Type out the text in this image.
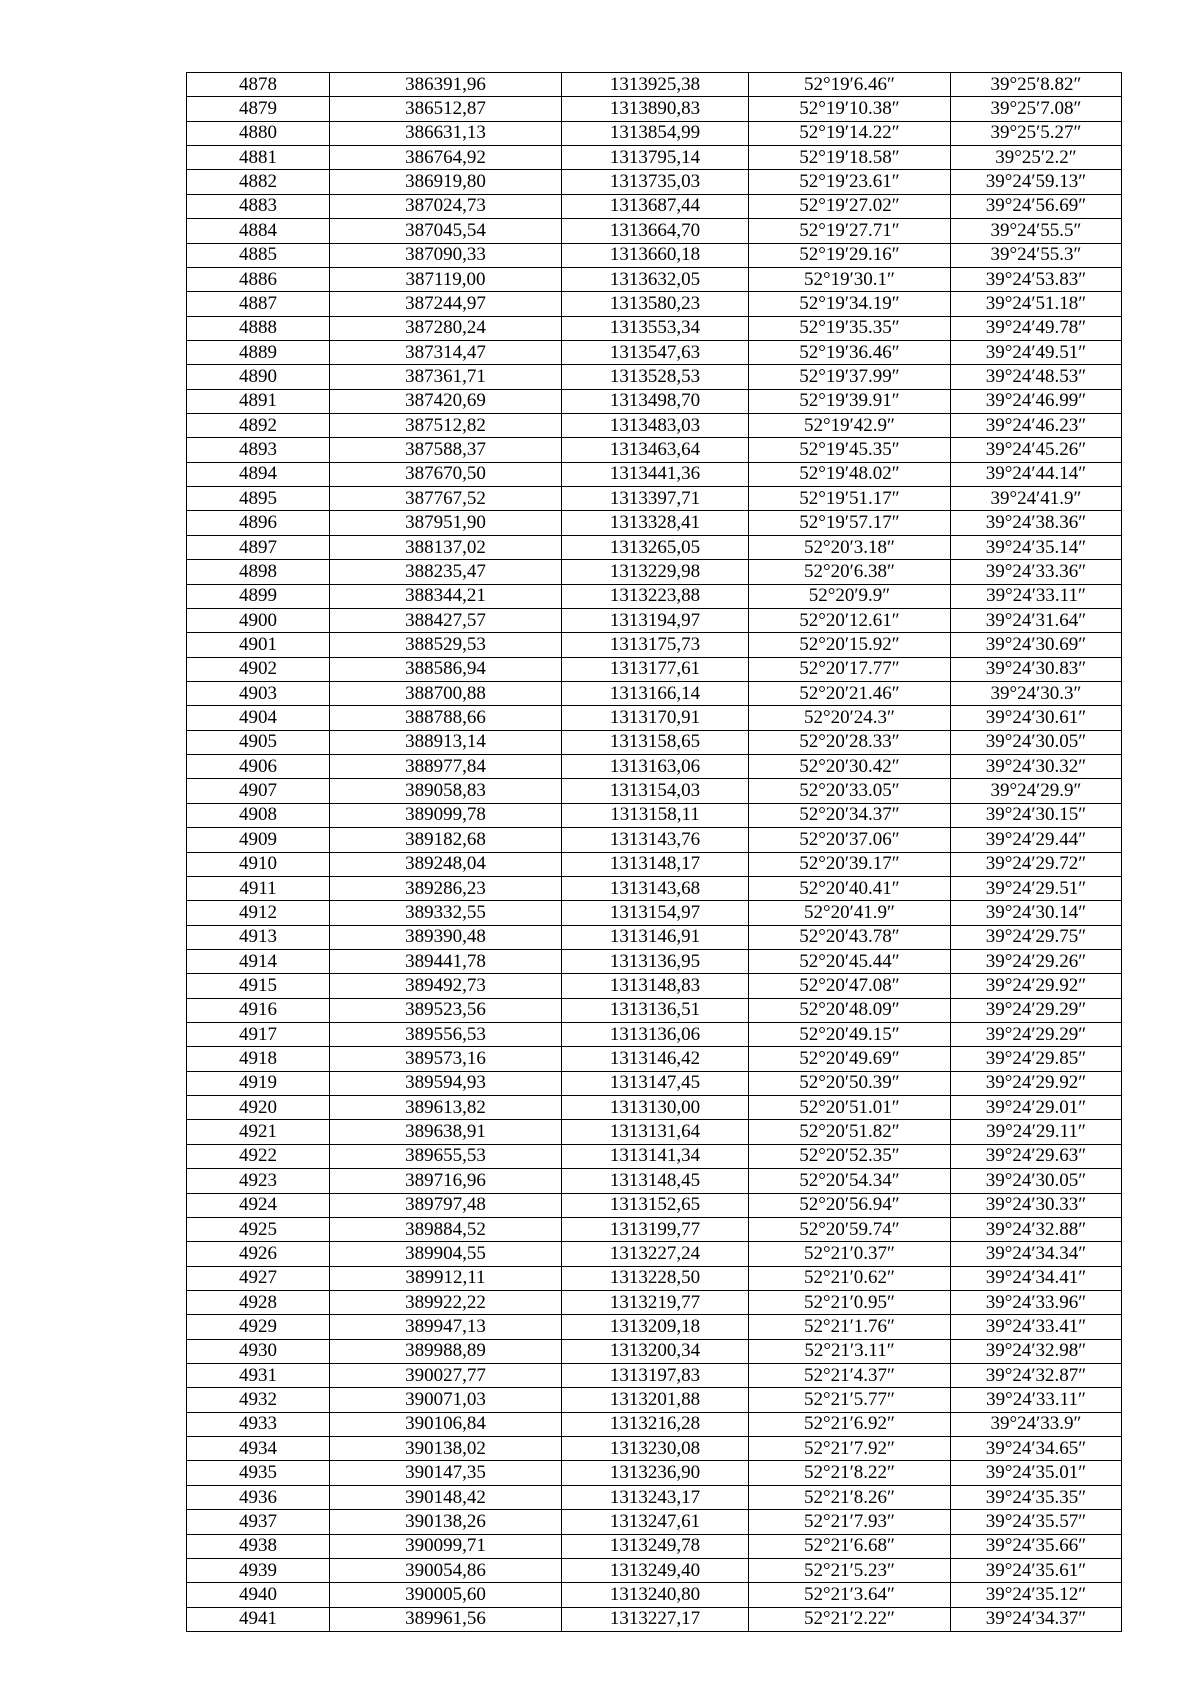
4878	386391,96	1313925,38	52°19′6.46″	39°25′8.82″
4879	386512,87	1313890,83	52°19′10.38″	39°25′7.08″
4880	386631,13	1313854,99	52°19′14.22″	39°25′5.27″
4881	386764,92	1313795,14	52°19′18.58″	39°25′2.2″
4882	386919,80	1313735,03	52°19′23.61″	39°24′59.13″
4883	387024,73	1313687,44	52°19′27.02″	39°24′56.69″
4884	387045,54	1313664,70	52°19′27.71″	39°24′55.5″
4885	387090,33	1313660,18	52°19′29.16″	39°24′55.3″
4886	387119,00	1313632,05	52°19′30.1″	39°24′53.83″
4887	387244,97	1313580,23	52°19′34.19″	39°24′51.18″
4888	387280,24	1313553,34	52°19′35.35″	39°24′49.78″
4889	387314,47	1313547,63	52°19′36.46″	39°24′49.51″
4890	387361,71	1313528,53	52°19′37.99″	39°24′48.53″
4891	387420,69	1313498,70	52°19′39.91″	39°24′46.99″
4892	387512,82	1313483,03	52°19′42.9″	39°24′46.23″
4893	387588,37	1313463,64	52°19′45.35″	39°24′45.26″
4894	387670,50	1313441,36	52°19′48.02″	39°24′44.14″
4895	387767,52	1313397,71	52°19′51.17″	39°24′41.9″
4896	387951,90	1313328,41	52°19′57.17″	39°24′38.36″
4897	388137,02	1313265,05	52°20′3.18″	39°24′35.14″
4898	388235,47	1313229,98	52°20′6.38″	39°24′33.36″
4899	388344,21	1313223,88	52°20′9.9″	39°24′33.11″
4900	388427,57	1313194,97	52°20′12.61″	39°24′31.64″
4901	388529,53	1313175,73	52°20′15.92″	39°24′30.69″
4902	388586,94	1313177,61	52°20′17.77″	39°24′30.83″
4903	388700,88	1313166,14	52°20′21.46″	39°24′30.3″
4904	388788,66	1313170,91	52°20′24.3″	39°24′30.61″
4905	388913,14	1313158,65	52°20′28.33″	39°24′30.05″
4906	388977,84	1313163,06	52°20′30.42″	39°24′30.32″
4907	389058,83	1313154,03	52°20′33.05″	39°24′29.9″
4908	389099,78	1313158,11	52°20′34.37″	39°24′30.15″
4909	389182,68	1313143,76	52°20′37.06″	39°24′29.44″
4910	389248,04	1313148,17	52°20′39.17″	39°24′29.72″
4911	389286,23	1313143,68	52°20′40.41″	39°24′29.51″
4912	389332,55	1313154,97	52°20′41.9″	39°24′30.14″
4913	389390,48	1313146,91	52°20′43.78″	39°24′29.75″
4914	389441,78	1313136,95	52°20′45.44″	39°24′29.26″
4915	389492,73	1313148,83	52°20′47.08″	39°24′29.92″
4916	389523,56	1313136,51	52°20′48.09″	39°24′29.29″
4917	389556,53	1313136,06	52°20′49.15″	39°24′29.29″
4918	389573,16	1313146,42	52°20′49.69″	39°24′29.85″
4919	389594,93	1313147,45	52°20′50.39″	39°24′29.92″
4920	389613,82	1313130,00	52°20′51.01″	39°24′29.01″
4921	389638,91	1313131,64	52°20′51.82″	39°24′29.11″
4922	389655,53	1313141,34	52°20′52.35″	39°24′29.63″
4923	389716,96	1313148,45	52°20′54.34″	39°24′30.05″
4924	389797,48	1313152,65	52°20′56.94″	39°24′30.33″
4925	389884,52	1313199,77	52°20′59.74″	39°24′32.88″
4926	389904,55	1313227,24	52°21′0.37″	39°24′34.34″
4927	389912,11	1313228,50	52°21′0.62″	39°24′34.41″
4928	389922,22	1313219,77	52°21′0.95″	39°24′33.96″
4929	389947,13	1313209,18	52°21′1.76″	39°24′33.41″
4930	389988,89	1313200,34	52°21′3.11″	39°24′32.98″
4931	390027,77	1313197,83	52°21′4.37″	39°24′32.87″
4932	390071,03	1313201,88	52°21′5.77″	39°24′33.11″
4933	390106,84	1313216,28	52°21′6.92″	39°24′33.9″
4934	390138,02	1313230,08	52°21′7.92″	39°24′34.65″
4935	390147,35	1313236,90	52°21′8.22″	39°24′35.01″
4936	390148,42	1313243,17	52°21′8.26″	39°24′35.35″
4937	390138,26	1313247,61	52°21′7.93″	39°24′35.57″
4938	390099,71	1313249,78	52°21′6.68″	39°24′35.66″
4939	390054,86	1313249,40	52°21′5.23″	39°24′35.61″
4940	390005,60	1313240,80	52°21′3.64″	39°24′35.12″
4941	389961,56	1313227,17	52°21′2.22″	39°24′34.37″
